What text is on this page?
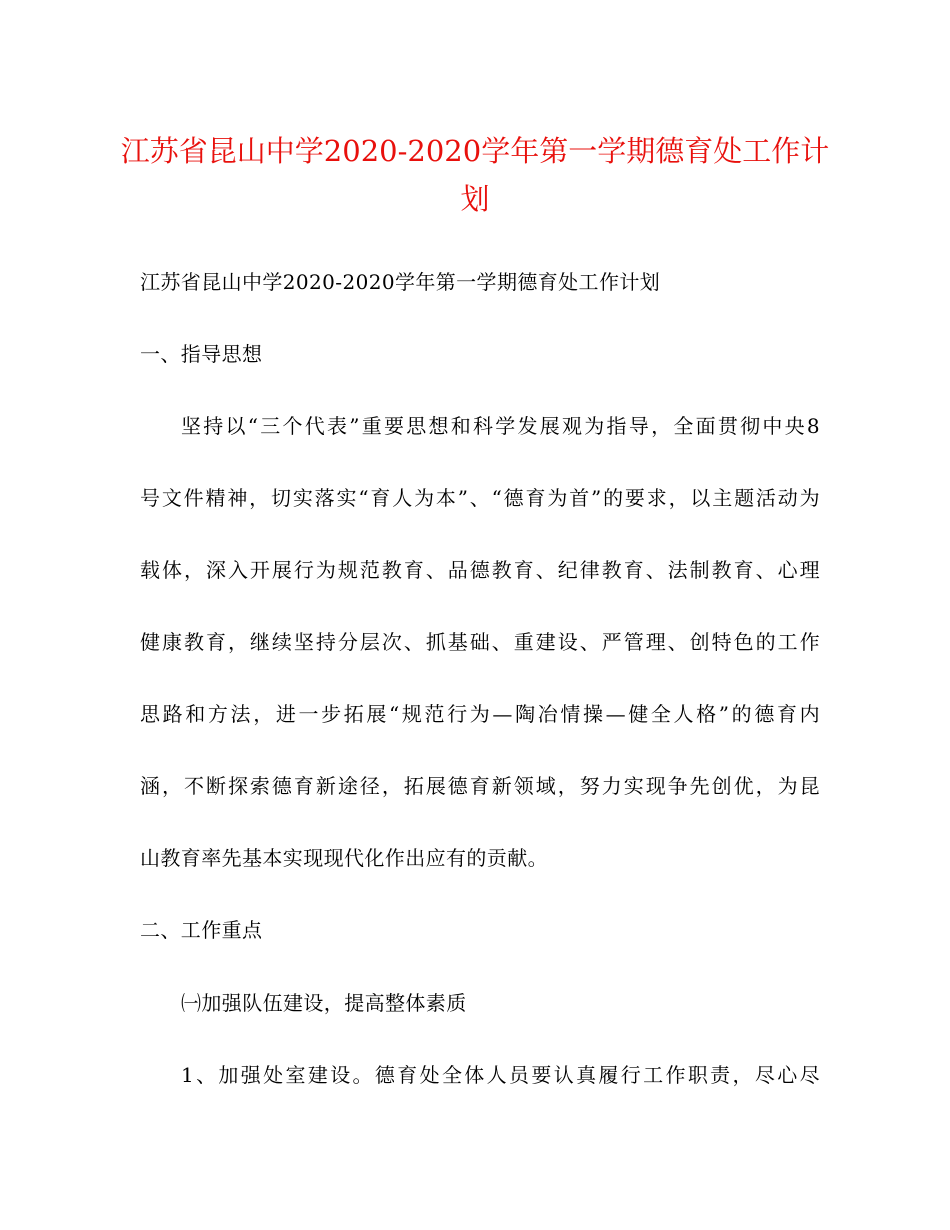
江苏省昆山中学2020-2020学年第一学期德育处工作计
划
江苏省昆山中学2020-2020学年第一学期德育处工作计划
一、指导思想
坚持以“三个代表”重要思想和科学发展观为指导，全面贯彻中央8
号文件精神，切实落实“育人为本”、“德育为首”的要求，以主题活动为
载体，深入开展行为规范教育、品德教育、纪律教育、法制教育、心理
健康教育，继续坚持分层次、抓基础、重建设、严管理、创特色的工作
思路和方法，进一步拓展“规范行为—陶冶情操—健全人格”的德育内
涵，不断探索德育新途径，拓展德育新领域，努力实现争先创优，为昆
山教育率先基本实现现代化作出应有的贡献。
二、工作重点
㈠加强队伍建设，提高整体素质
1、加强处室建设。德育处全体人员要认真履行工作职责，尽心尽
